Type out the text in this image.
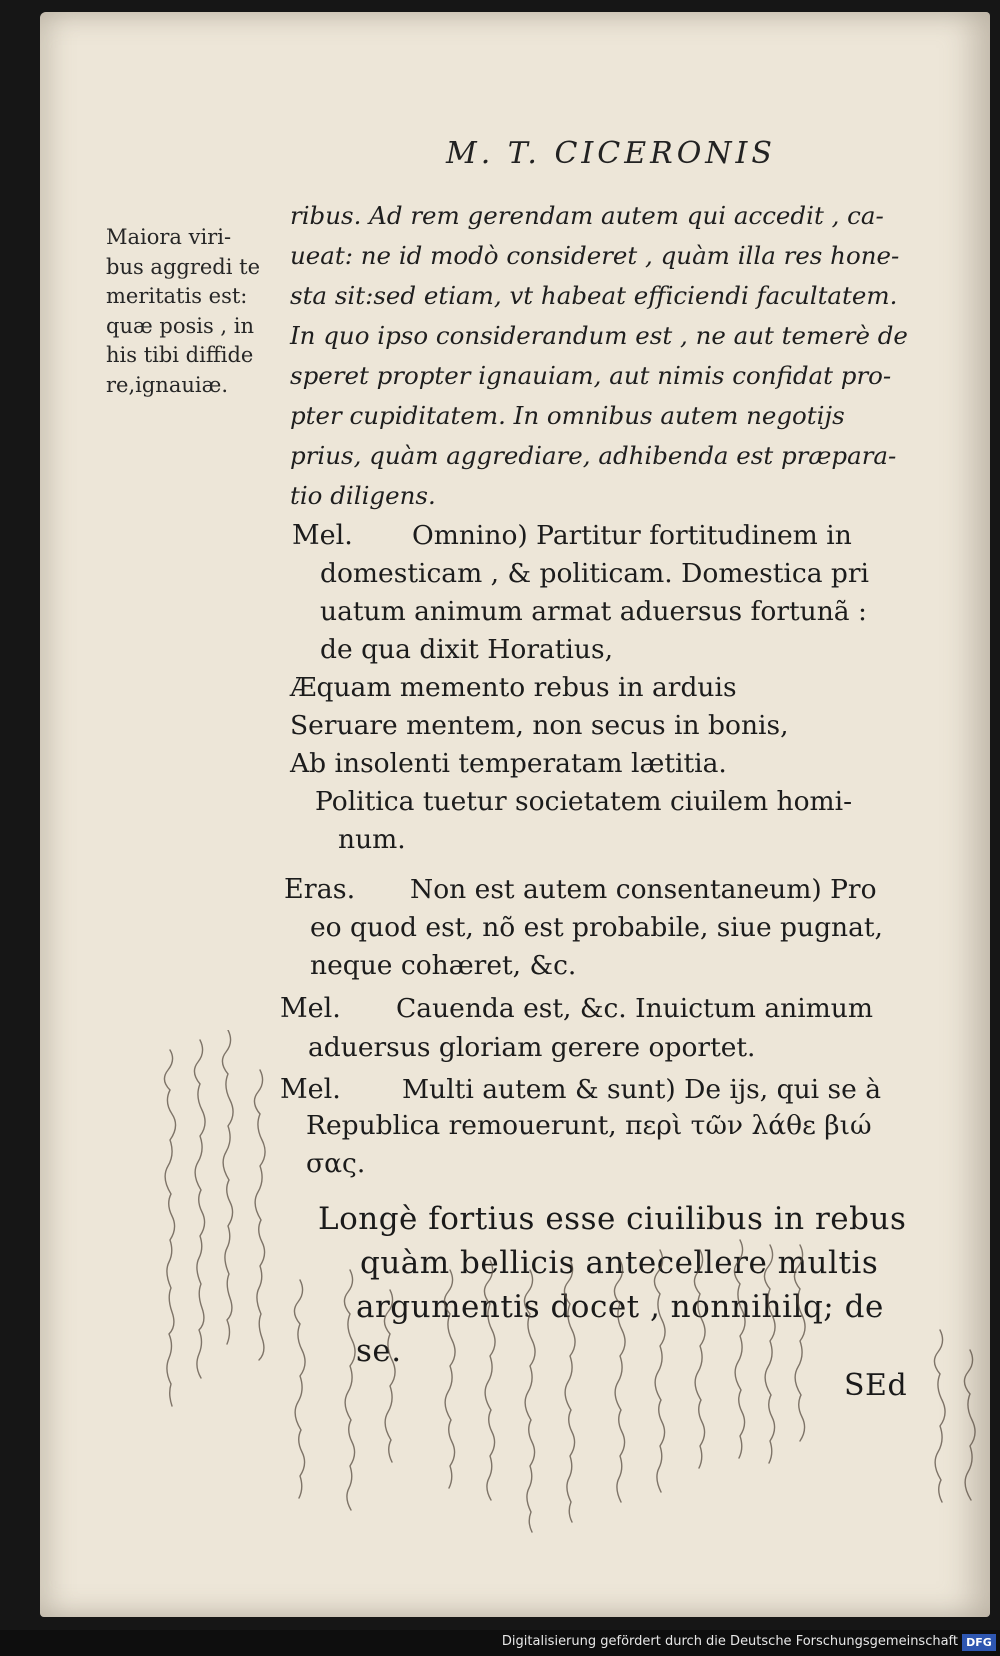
M. T. CICERONIS
Maiora viri-
bus aggredi te
meritatis est:
quæ posis , in
his tibi diffide
re,ignauiæ.
ribus. Ad rem gerendam autem qui accedit , ca-
ueat: ne id modò consideret , quàm illa res hone-
sta sit:sed etiam, vt habeat efficiendi facultatem.
In quo ipso considerandum est , ne aut temerè de
speret propter ignauiam, aut nimis confidat pro-
pter cupiditatem. In omnibus autem negotijs
prius, quàm aggrediare, adhibenda est præpara-
tio diligens.
Mel. Omnino) Partitur fortitudinem in
domesticam , & politicam. Domestica pri
uatum animum armat aduersus fortunã :
de qua dixit Horatius,
Æquam memento rebus in arduis
Seruare mentem, non secus in bonis,
Ab insolenti temperatam lætitia.
Politica tuetur societatem ciuilem homi-
num.
Eras. Non est autem consentaneum) Pro
eo quod est, nõ est probabile, siue pugnat,
neque cohæret, &c.
Mel. Cauenda est, &c. Inuictum animum
aduersus gloriam gerere oportet.
Mel. Multi autem & sunt) De ijs, qui se à
Republica remouerunt, περὶ τῶν λάθε βιώ
σας.
Longè fortius esse ciuilibus in rebus
quàm bellicis antecellere multis
argumentis docet , nonnihilq; de
se.
SEd
Digitalisierung gefördert durch die Deutsche Forschungsgemeinschaft DFG
